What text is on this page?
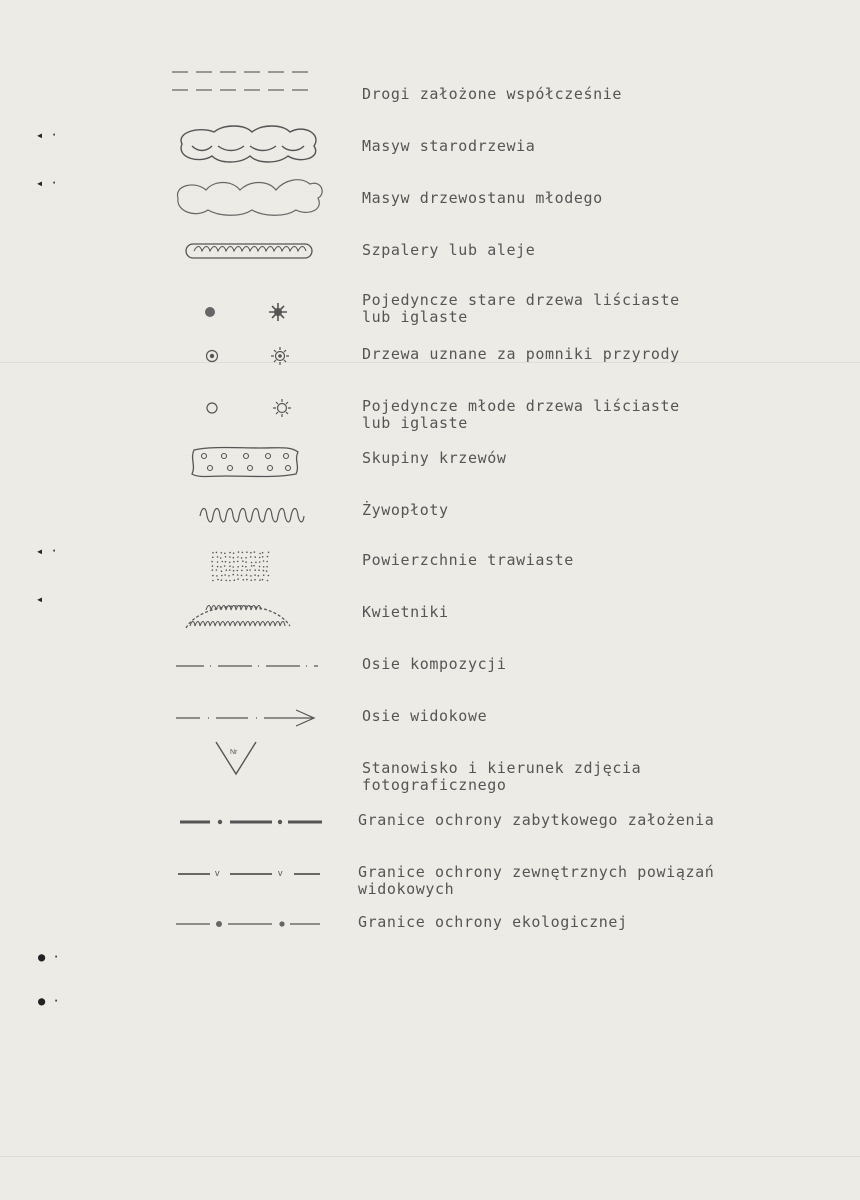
◂ ·
◂ ·
◂ ·
◂
● ·
● ·
Drogi założone współcześnie
Masyw starodrzewia
Masyw drzewostanu młodego
Szpalery lub aleje
Pojedyncze stare drzewa liściaste
lub iglaste
Drzewa uznane za pomniki przyrody
Pojedyncze młode drzewa liściaste
lub iglaste
Skupiny krzewów
Żywopłoty
Powierzchnie trawiaste
Kwietniki
Osie kompozycji
Osie widokowe
Nr
Stanowisko i kierunek zdjęcia
fotograficznego
Granice ochrony zabytkowego założenia
v	v	Granice ochrony zewnętrznych powiązań
widokowych
Granice ochrony ekologicznej
